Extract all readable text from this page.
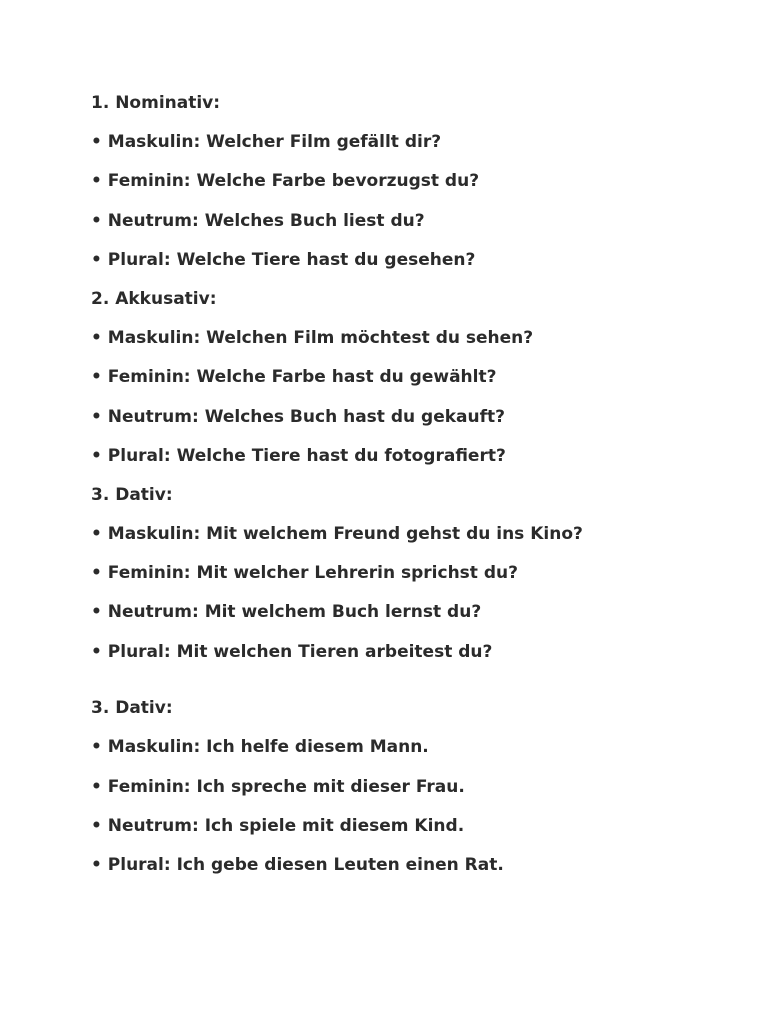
1. Nominativ:
• Maskulin: Welcher Film gefällt dir?
• Feminin: Welche Farbe bevorzugst du?
• Neutrum: Welches Buch liest du?
• Plural: Welche Tiere hast du gesehen?
2. Akkusativ:
• Maskulin: Welchen Film möchtest du sehen?
• Feminin: Welche Farbe hast du gewählt?
• Neutrum: Welches Buch hast du gekauft?
• Plural: Welche Tiere hast du fotografiert?
3. Dativ:
• Maskulin: Mit welchem Freund gehst du ins Kino?
• Feminin: Mit welcher Lehrerin sprichst du?
• Neutrum: Mit welchem Buch lernst du?
• Plural: Mit welchen Tieren arbeitest du?
3. Dativ:
• Maskulin: Ich helfe diesem Mann.
• Feminin: Ich spreche mit dieser Frau.
• Neutrum: Ich spiele mit diesem Kind.
• Plural: Ich gebe diesen Leuten einen Rat.
